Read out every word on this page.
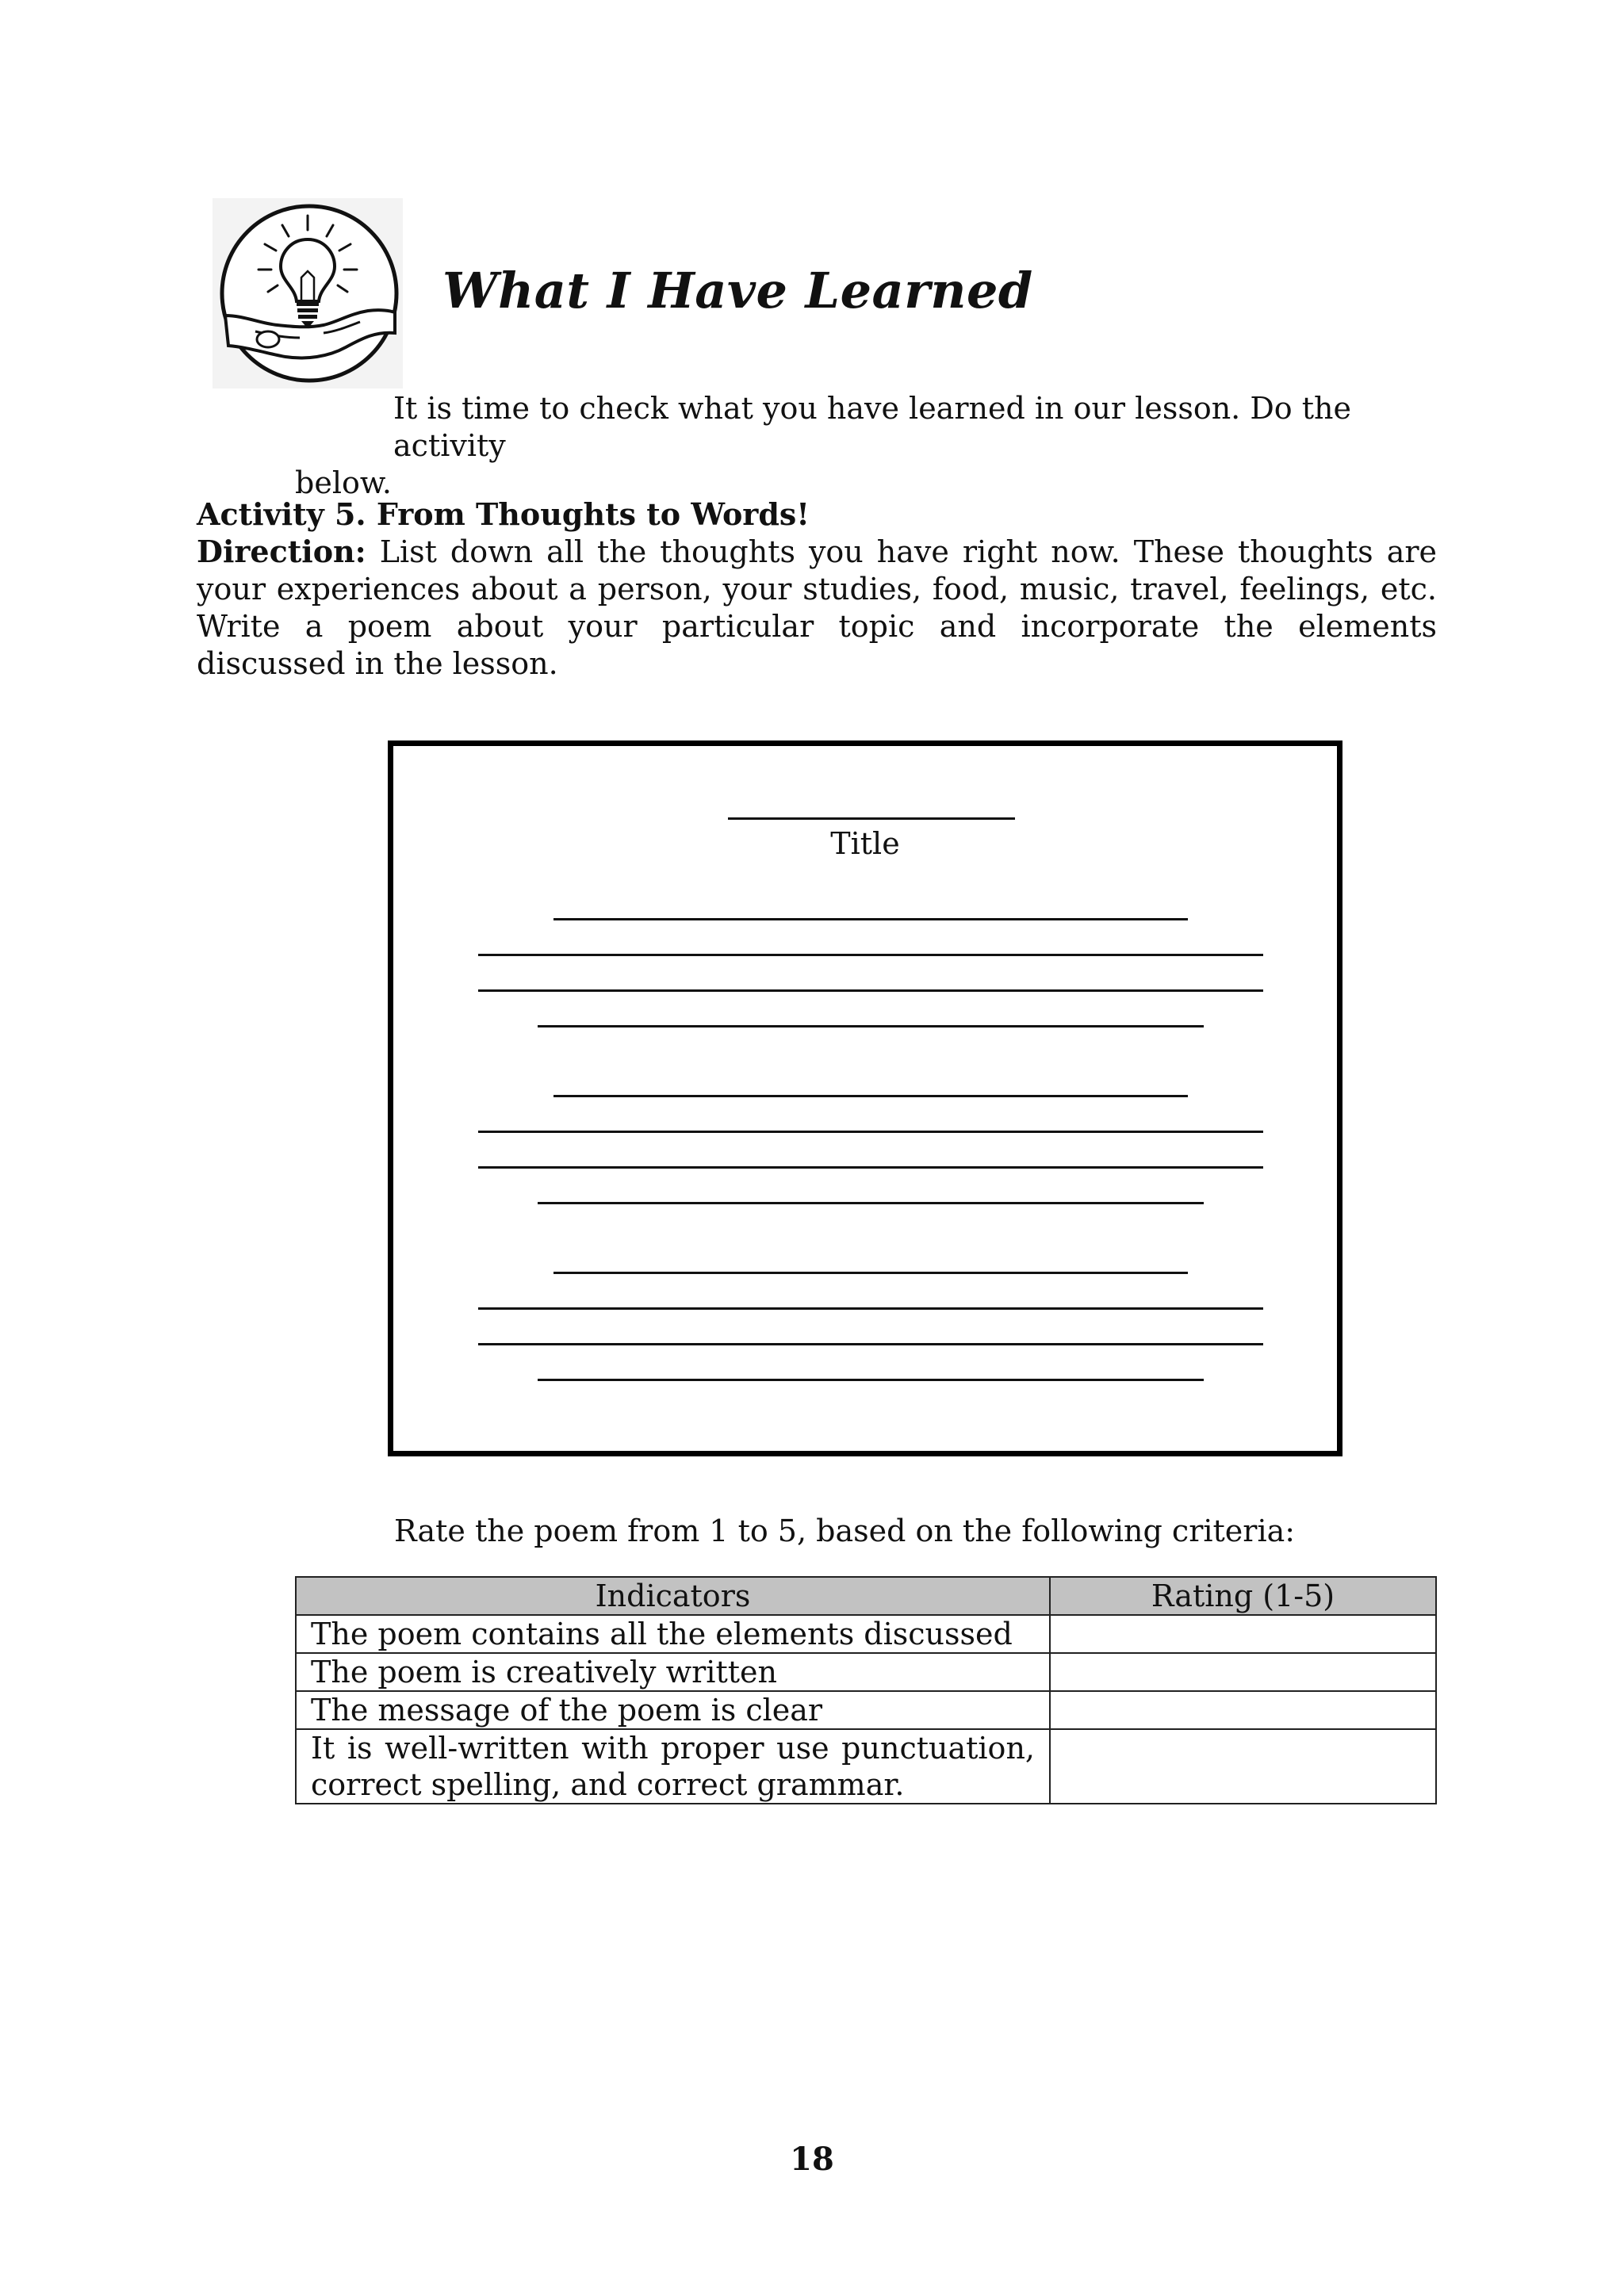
What I Have Learned

It is time to check what you have learned in our lesson. Do the activity
below.

Activity 5. From Thoughts to Words!
Direction: List down all the thoughts you have right now. These thoughts are your experiences about a person, your studies, food, music, travel, feelings, etc. Write a poem about your particular topic and incorporate the elements discussed in the lesson.
Title

Rate the poem from 1 to 5, based on the following criteria:

Indicators	Rating (1-5)
The poem contains all the elements discussed	
The poem is creatively written	
The message of the poem is clear	
It is well-written with proper use punctuation, correct spelling, and correct grammar.	

18
